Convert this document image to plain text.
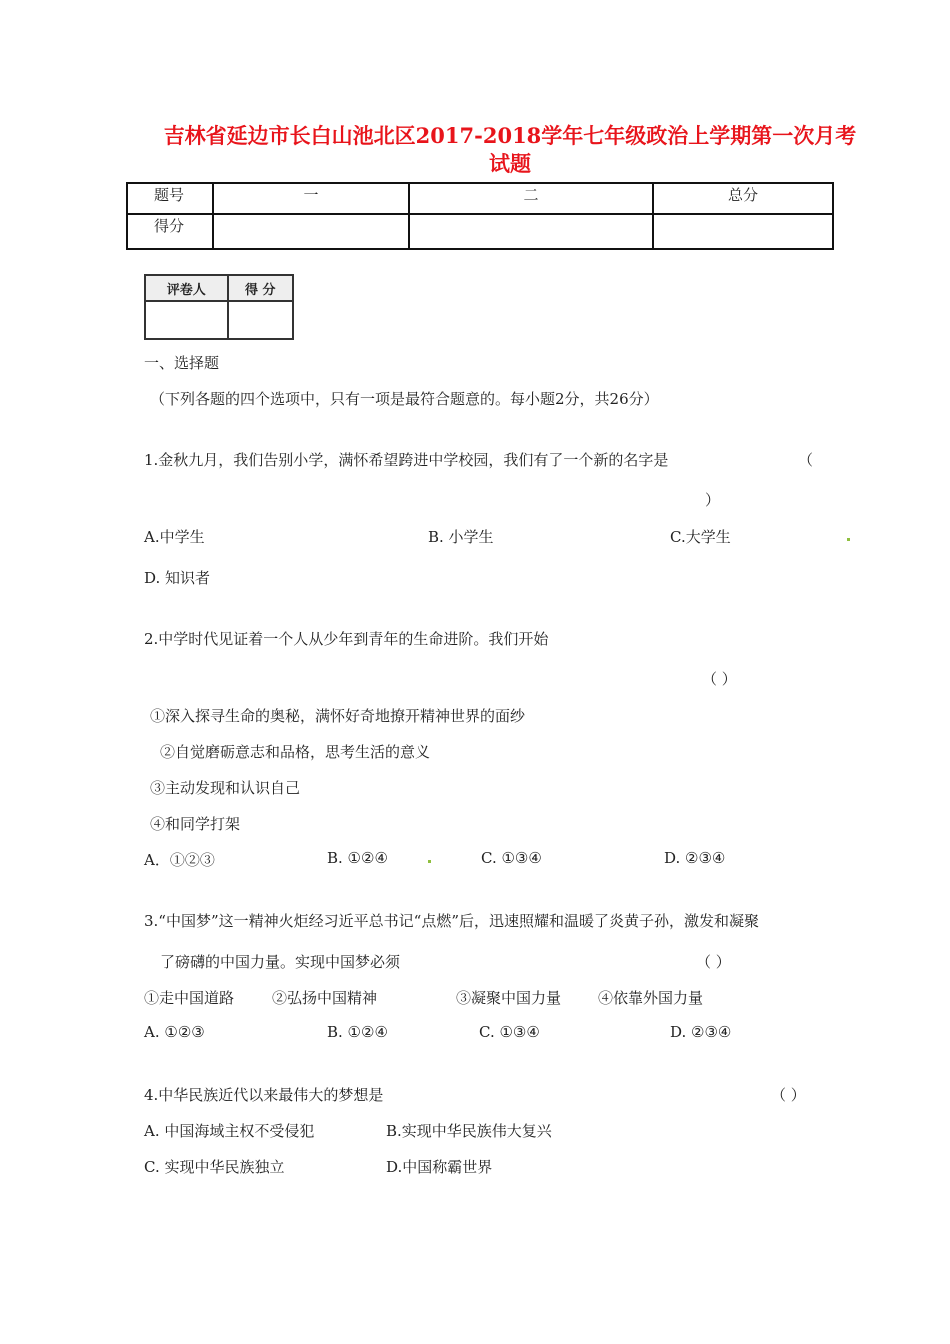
吉林省延边市长白山池北区2017-2018学年七年级政治上学期第一次月考
试题
题号	一	二	总分
得分			
评卷人	得 分

一、选择题
（下列各题的四个选项中，只有一项是最符合题意的。每小题2分，共26分）
1.金秋九月，我们告别小学，满怀希望跨进中学校园，我们有了一个新的名字是	（
）
A.中学生	B. 小学生	C.大学生
D. 知识者
2.中学时代见证着一个人从少年到青年的生命进阶。我们开始
（ ）
①深入探寻生命的奥秘，满怀好奇地撩开精神世界的面纱
②自觉磨砺意志和品格，思考生活的意义
③主动发现和认识自己
④和同学打架
A．①②③	B. ①②④	C. ①③④	D. ②③④
3.“中国梦”这一精神火炬经习近平总书记“点燃”后，迅速照耀和温暖了炎黄子孙，激发和凝聚
了磅礴的中国力量。实现中国梦必须	（ ）
①走中国道路	②弘扬中国精神	③凝聚中国力量 ④依靠外国力量
A. ①②③	B. ①②④	C. ①③④	D. ②③④
4.中华民族近代以来最伟大的梦想是	（ ）
A. 中国海域主权不受侵犯	B.实现中华民族伟大复兴
C. 实现中华民族独立	D.中国称霸世界
